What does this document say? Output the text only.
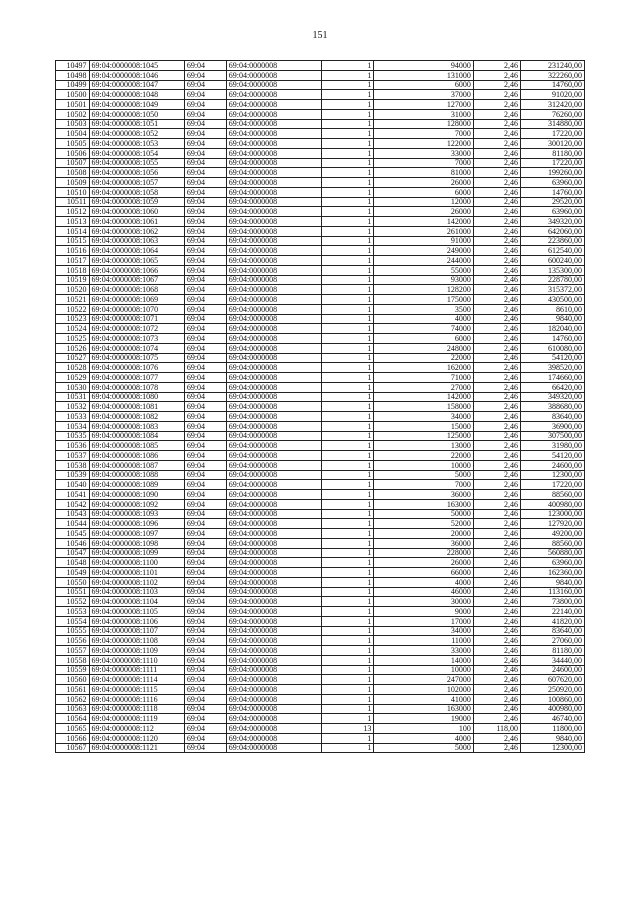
151
10497	69:04:0000008:1045	69:04	69:04:0000008	1	94000	2,46	231240,00
10498	69:04:0000008:1046	69:04	69:04:0000008	1	131000	2,46	322260,00
10499	69:04:0000008:1047	69:04	69:04:0000008	1	6000	2,46	14760,00
10500	69:04:0000008:1048	69:04	69:04:0000008	1	37000	2,46	91020,00
10501	69:04:0000008:1049	69:04	69:04:0000008	1	127000	2,46	312420,00
10502	69:04:0000008:1050	69:04	69:04:0000008	1	31000	2,46	76260,00
10503	69:04:0000008:1051	69:04	69:04:0000008	1	128000	2,46	314880,00
10504	69:04:0000008:1052	69:04	69:04:0000008	1	7000	2,46	17220,00
10505	69:04:0000008:1053	69:04	69:04:0000008	1	122000	2,46	300120,00
10506	69:04:0000008:1054	69:04	69:04:0000008	1	33000	2,46	81180,00
10507	69:04:0000008:1055	69:04	69:04:0000008	1	7000	2,46	17220,00
10508	69:04:0000008:1056	69:04	69:04:0000008	1	81000	2,46	199260,00
10509	69:04:0000008:1057	69:04	69:04:0000008	1	26000	2,46	63960,00
10510	69:04:0000008:1058	69:04	69:04:0000008	1	6000	2,46	14760,00
10511	69:04:0000008:1059	69:04	69:04:0000008	1	12000	2,46	29520,00
10512	69:04:0000008:1060	69:04	69:04:0000008	1	26000	2,46	63960,00
10513	69:04:0000008:1061	69:04	69:04:0000008	1	142000	2,46	349320,00
10514	69:04:0000008:1062	69:04	69:04:0000008	1	261000	2,46	642060,00
10515	69:04:0000008:1063	69:04	69:04:0000008	1	91000	2,46	223860,00
10516	69:04:0000008:1064	69:04	69:04:0000008	1	249000	2,46	612540,00
10517	69:04:0000008:1065	69:04	69:04:0000008	1	244000	2,46	600240,00
10518	69:04:0000008:1066	69:04	69:04:0000008	1	55000	2,46	135300,00
10519	69:04:0000008:1067	69:04	69:04:0000008	1	93000	2,46	228780,00
10520	69:04:0000008:1068	69:04	69:04:0000008	1	128200	2,46	315372,00
10521	69:04:0000008:1069	69:04	69:04:0000008	1	175000	2,46	430500,00
10522	69:04:0000008:1070	69:04	69:04:0000008	1	3500	2,46	8610,00
10523	69:04:0000008:1071	69:04	69:04:0000008	1	4000	2,46	9840,00
10524	69:04:0000008:1072	69:04	69:04:0000008	1	74000	2,46	182040,00
10525	69:04:0000008:1073	69:04	69:04:0000008	1	6000	2,46	14760,00
10526	69:04:0000008:1074	69:04	69:04:0000008	1	248000	2,46	610080,00
10527	69:04:0000008:1075	69:04	69:04:0000008	1	22000	2,46	54120,00
10528	69:04:0000008:1076	69:04	69:04:0000008	1	162000	2,46	398520,00
10529	69:04:0000008:1077	69:04	69:04:0000008	1	71000	2,46	174660,00
10530	69:04:0000008:1078	69:04	69:04:0000008	1	27000	2,46	66420,00
10531	69:04:0000008:1080	69:04	69:04:0000008	1	142000	2,46	349320,00
10532	69:04:0000008:1081	69:04	69:04:0000008	1	158000	2,46	388680,00
10533	69:04:0000008:1082	69:04	69:04:0000008	1	34000	2,46	83640,00
10534	69:04:0000008:1083	69:04	69:04:0000008	1	15000	2,46	36900,00
10535	69:04:0000008:1084	69:04	69:04:0000008	1	125000	2,46	307500,00
10536	69:04:0000008:1085	69:04	69:04:0000008	1	13000	2,46	31980,00
10537	69:04:0000008:1086	69:04	69:04:0000008	1	22000	2,46	54120,00
10538	69:04:0000008:1087	69:04	69:04:0000008	1	10000	2,46	24600,00
10539	69:04:0000008:1088	69:04	69:04:0000008	1	5000	2,46	12300,00
10540	69:04:0000008:1089	69:04	69:04:0000008	1	7000	2,46	17220,00
10541	69:04:0000008:1090	69:04	69:04:0000008	1	36000	2,46	88560,00
10542	69:04:0000008:1092	69:04	69:04:0000008	1	163000	2,46	400980,00
10543	69:04:0000008:1093	69:04	69:04:0000008	1	50000	2,46	123000,00
10544	69:04:0000008:1096	69:04	69:04:0000008	1	52000	2,46	127920,00
10545	69:04:0000008:1097	69:04	69:04:0000008	1	20000	2,46	49200,00
10546	69:04:0000008:1098	69:04	69:04:0000008	1	36000	2,46	88560,00
10547	69:04:0000008:1099	69:04	69:04:0000008	1	228000	2,46	560880,00
10548	69:04:0000008:1100	69:04	69:04:0000008	1	26000	2,46	63960,00
10549	69:04:0000008:1101	69:04	69:04:0000008	1	66000	2,46	162360,00
10550	69:04:0000008:1102	69:04	69:04:0000008	1	4000	2,46	9840,00
10551	69:04:0000008:1103	69:04	69:04:0000008	1	46000	2,46	113160,00
10552	69:04:0000008:1104	69:04	69:04:0000008	1	30000	2,46	73800,00
10553	69:04:0000008:1105	69:04	69:04:0000008	1	9000	2,46	22140,00
10554	69:04:0000008:1106	69:04	69:04:0000008	1	17000	2,46	41820,00
10555	69:04:0000008:1107	69:04	69:04:0000008	1	34000	2,46	83640,00
10556	69:04:0000008:1108	69:04	69:04:0000008	1	11000	2,46	27060,00
10557	69:04:0000008:1109	69:04	69:04:0000008	1	33000	2,46	81180,00
10558	69:04:0000008:1110	69:04	69:04:0000008	1	14000	2,46	34440,00
10559	69:04:0000008:1111	69:04	69:04:0000008	1	10000	2,46	24600,00
10560	69:04:0000008:1114	69:04	69:04:0000008	1	247000	2,46	607620,00
10561	69:04:0000008:1115	69:04	69:04:0000008	1	102000	2,46	250920,00
10562	69:04:0000008:1116	69:04	69:04:0000008	1	41000	2,46	100860,00
10563	69:04:0000008:1118	69:04	69:04:0000008	1	163000	2,46	400980,00
10564	69:04:0000008:1119	69:04	69:04:0000008	1	19000	2,46	46740,00
10565	69:04:0000008:112	69:04	69:04:0000008	13	100	118,00	11800,00
10566	69:04:0000008:1120	69:04	69:04:0000008	1	4000	2,46	9840,00
10567	69:04:0000008:1121	69:04	69:04:0000008	1	5000	2,46	12300,00
